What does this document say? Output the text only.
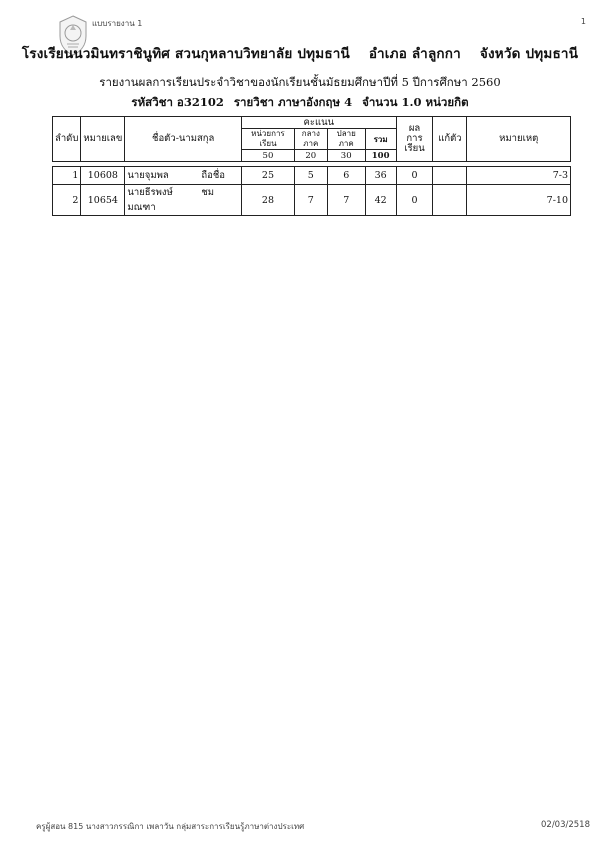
แบบรายงาน 1	1
โรงเรียนนวมินทราชินูทิศ สวนกุหลาบวิทยาลัย ปทุมธานี อำเภอ ลำลูกกา จังหวัด ปทุมธานี
รายงานผลการเรียนประจำวิชาของนักเรียนชั้นมัธยมศึกษาปีที่ 5 ปีการศึกษา 2560
รหัสวิชา อ32102 รายวิชา ภาษาอังกฤษ 4 จำนวน 1.0 หน่วยกิต
ลำดับ	หมายเลข	ชื่อตัว-นามสกุล	คะแนน				ผล
การเรียน	แก้ตัว	หมายเหตุ
			หน่วยการเรียน	กลางภาค	ปลายภาค	รวม			
			50	20	30	100			

1	10608	นายจุมพล ถือชื่อ	25	5	6	36	0		7-3
2	10654	นายธีรพงษ์ ชมมณฑา	28	7	7	42	0		7-10
ครูผู้สอน 815 นางสาวกรรณิกา เพลาวัน กลุ่มสาระการเรียนรู้ภาษาต่างประเทศ	02/03/2518
